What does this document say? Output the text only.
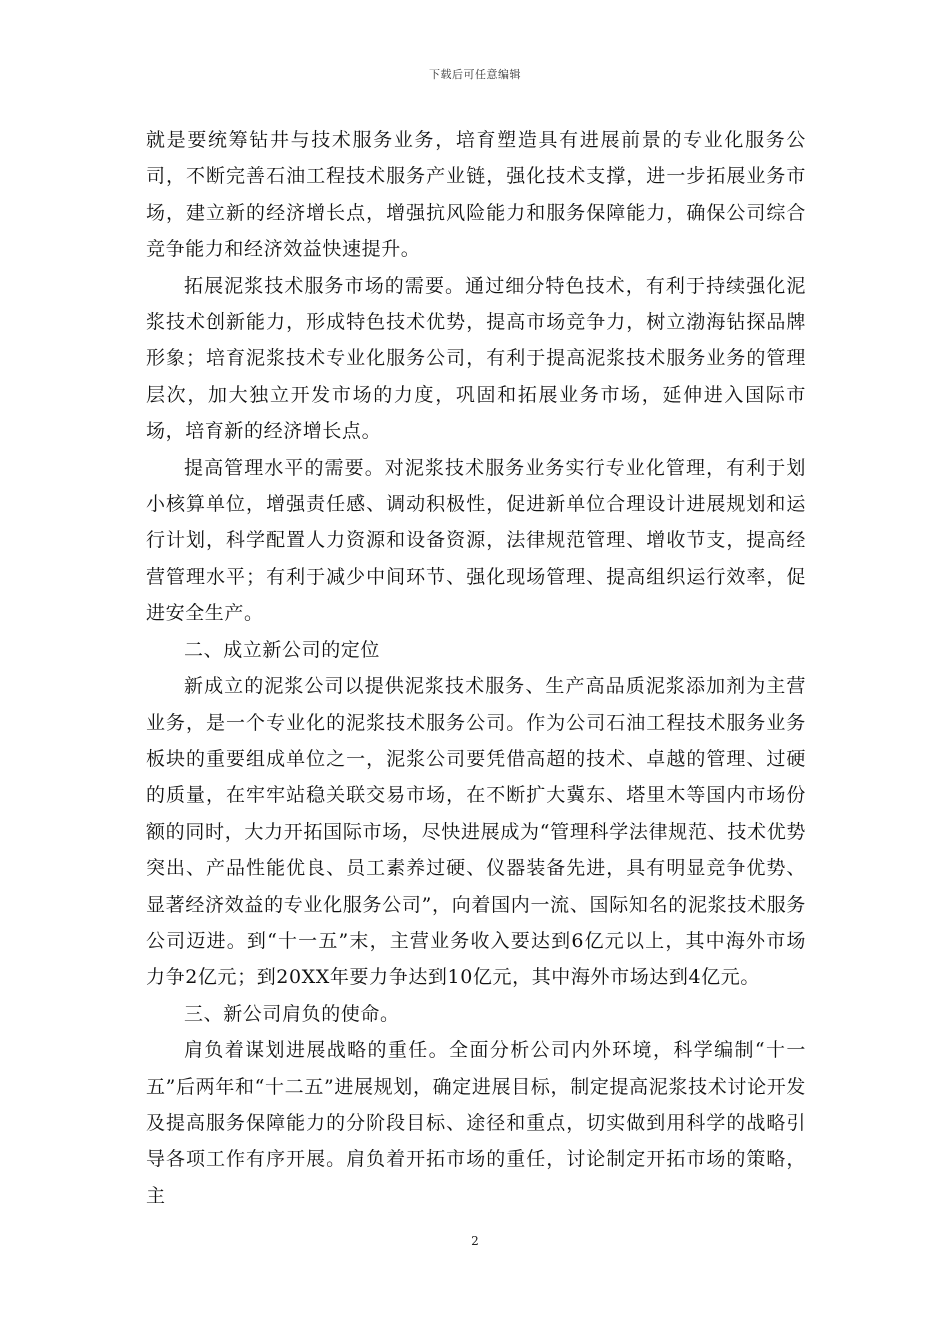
下载后可任意编辑

就是要统筹钻井与技术服务业务，培育塑造具有进展前景的专业化服务公司，不断完善石油工程技术服务产业链，强化技术支撑，进一步拓展业务市场，建立新的经济增长点，增强抗风险能力和服务保障能力，确保公司综合竞争能力和经济效益快速提升。

拓展泥浆技术服务市场的需要。通过细分特色技术，有利于持续强化泥浆技术创新能力，形成特色技术优势，提高市场竞争力，树立渤海钻探品牌形象；培育泥浆技术专业化服务公司，有利于提高泥浆技术服务业务的管理层次，加大独立开发市场的力度，巩固和拓展业务市场，延伸进入国际市场，培育新的经济增长点。

提高管理水平的需要。对泥浆技术服务业务实行专业化管理，有利于划小核算单位，增强责任感、调动积极性，促进新单位合理设计进展规划和运行计划，科学配置人力资源和设备资源，法律规范管理、增收节支，提高经营管理水平；有利于减少中间环节、强化现场管理、提高组织运行效率，促进安全生产。

二、成立新公司的定位

新成立的泥浆公司以提供泥浆技术服务、生产高品质泥浆添加剂为主营业务，是一个专业化的泥浆技术服务公司。作为公司石油工程技术服务业务板块的重要组成单位之一，泥浆公司要凭借高超的技术、卓越的管理、过硬的质量，在牢牢站稳关联交易市场，在不断扩大冀东、塔里木等国内市场份额的同时，大力开拓国际市场，尽快进展成为“管理科学法律规范、技术优势突出、产品性能优良、员工素养过硬、仪器装备先进，具有明显竞争优势、显著经济效益的专业化服务公司”，向着国内一流、国际知名的泥浆技术服务公司迈进。到“十一五”末，主营业务收入要达到6亿元以上，其中海外市场力争2亿元；到20XX年要力争达到10亿元，其中海外市场达到4亿元。

三、新公司肩负的使命。

肩负着谋划进展战略的重任。全面分析公司内外环境，科学编制“十一五”后两年和“十二五”进展规划，确定进展目标，制定提高泥浆技术讨论开发及提高服务保障能力的分阶段目标、途径和重点，切实做到用科学的战略引导各项工作有序开展。肩负着开拓市场的重任，讨论制定开拓市场的策略，主

2
